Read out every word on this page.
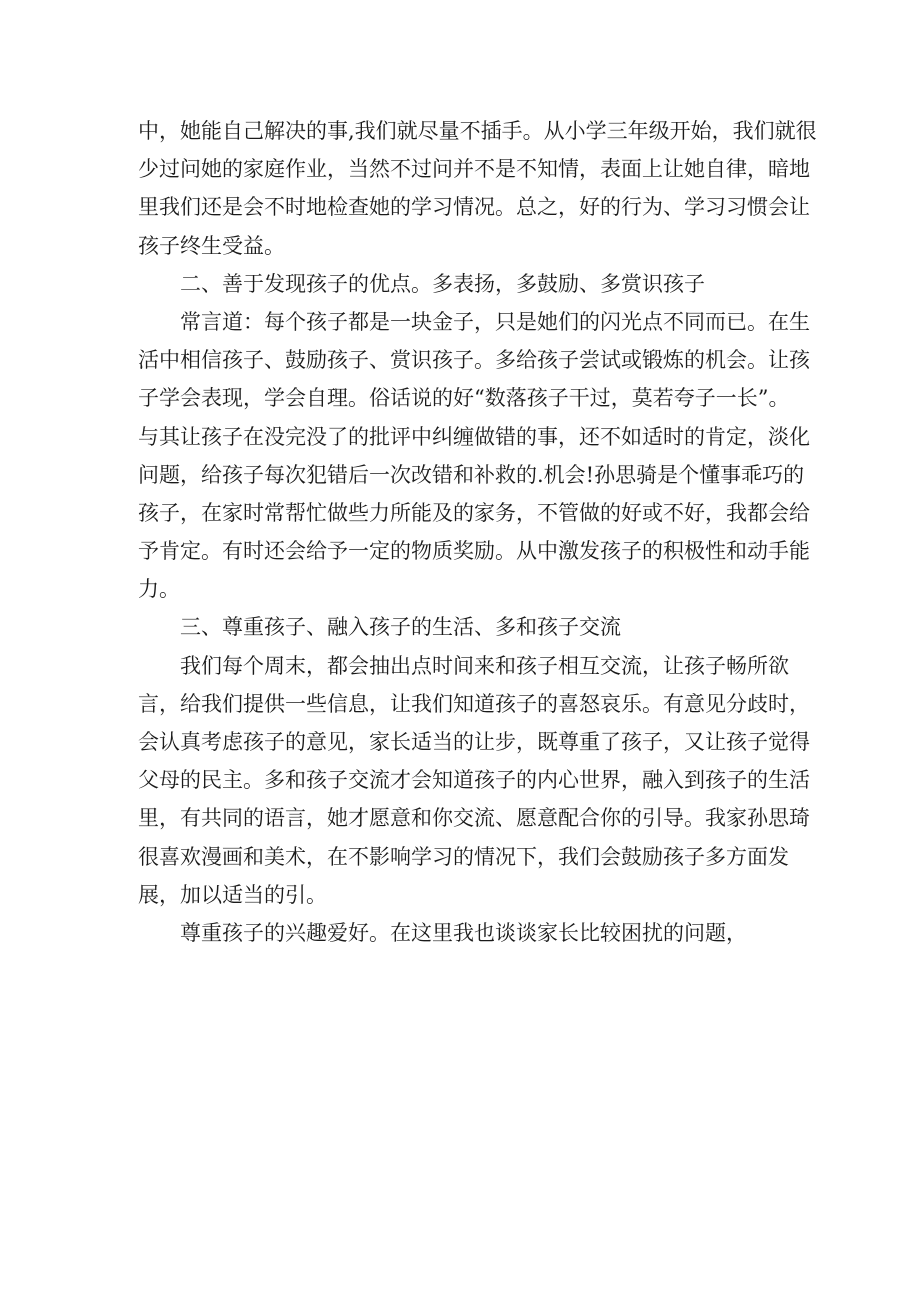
中，她能自己解决的事,我们就尽量不插手。从小学三年级开始，我们就很
少过问她的家庭作业，当然不过问并不是不知情，表面上让她自律，暗地
里我们还是会不时地检查她的学习情况。总之，好的行为、学习习惯会让
孩子终生受益。
二、善于发现孩子的优点。多表扬，多鼓励、多赏识孩子
常言道：每个孩子都是一块金子，只是她们的闪光点不同而已。在生
活中相信孩子、鼓励孩子、赏识孩子。多给孩子尝试或锻炼的机会。让孩
子学会表现，学会自理。俗话说的好“数落孩子干过，莫若夸子一长”。
与其让孩子在没完没了的批评中纠缠做错的事，还不如适时的肯定，淡化
问题，给孩子每次犯错后一次改错和补救的.机会!孙思骑是个懂事乖巧的
孩子，在家时常帮忙做些力所能及的家务，不管做的好或不好，我都会给
予肯定。有时还会给予一定的物质奖励。从中激发孩子的积极性和动手能
力。
三、尊重孩子、融入孩子的生活、多和孩子交流
我们每个周末，都会抽出点时间来和孩子相互交流，让孩子畅所欲
言，给我们提供一些信息，让我们知道孩子的喜怒哀乐。有意见分歧时，
会认真考虑孩子的意见，家长适当的让步，既尊重了孩子，又让孩子觉得
父母的民主。多和孩子交流才会知道孩子的内心世界，融入到孩子的生活
里，有共同的语言，她才愿意和你交流、愿意配合你的引导。我家孙思琦
很喜欢漫画和美术，在不影响学习的情况下，我们会鼓励孩子多方面发
展，加以适当的引。
尊重孩子的兴趣爱好。在这里我也谈谈家长比较困扰的问题，
